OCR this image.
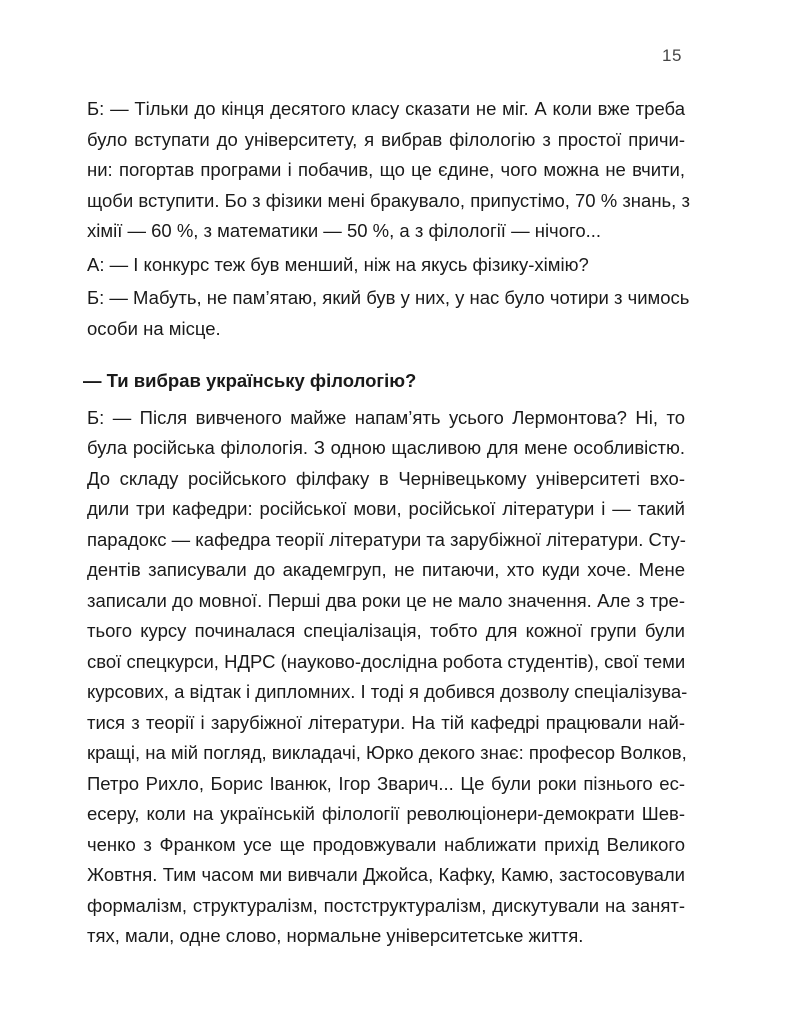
15
Б: — Тільки до кінця десятого класу сказати не міг. А коли вже треба
було вступати до університету, я вибрав філологію з простої причи-
ни: погортав програми і побачив, що це єдине, чого можна не вчити,
щоби вступити. Бо з фізики мені бракувало, припустімо, 70 % знань, з
хімії — 60 %, з математики — 50 %, а з філології — нічого...
А: — І конкурс теж був менший, ніж на якусь фізику-хімію?
Б: — Мабуть, не пам’ятаю, який був у них, у нас було чотири з чимось
особи на місце.
— Ти вибрав українську філологію?
Б: — Після вивченого майже напам’ять усього Лермонтова? Ні, то
була російська філологія. З одною щасливою для мене особливістю.
До складу російського філфаку в Чернівецькому університеті вхо-
дили три кафедри: російської мови, російської літератури і — такий
парадокс — кафедра теорії літератури та зарубіжної літератури. Сту-
дентів записували до академгруп, не питаючи, хто куди хоче. Мене
записали до мовної. Перші два роки це не мало значення. Але з тре-
тього курсу починалася спеціалізація, тобто для кожної групи були
свої спецкурси, НДРС (науково-дослідна робота студентів), свої теми
курсових, а відтак і дипломних. І тоді я добився дозволу спеціалізува-
тися з теорії і зарубіжної літератури. На тій кафедрі працювали най-
кращі, на мій погляд, викладачі, Юрко декого знає: професор Волков,
Петро Рихло, Борис Іванюк, Ігор Зварич... Це були роки пізнього ес-
есеру, коли на українській філології революціонери-демократи Шев-
ченко з Франком усе ще продовжували наближати прихід Великого
Жовтня. Тим часом ми вивчали Джойса, Кафку, Камю, застосовували
формалізм, структуралізм, постструктуралізм, дискутували на занят-
тях, мали, одне слово, нормальне університетське життя.
